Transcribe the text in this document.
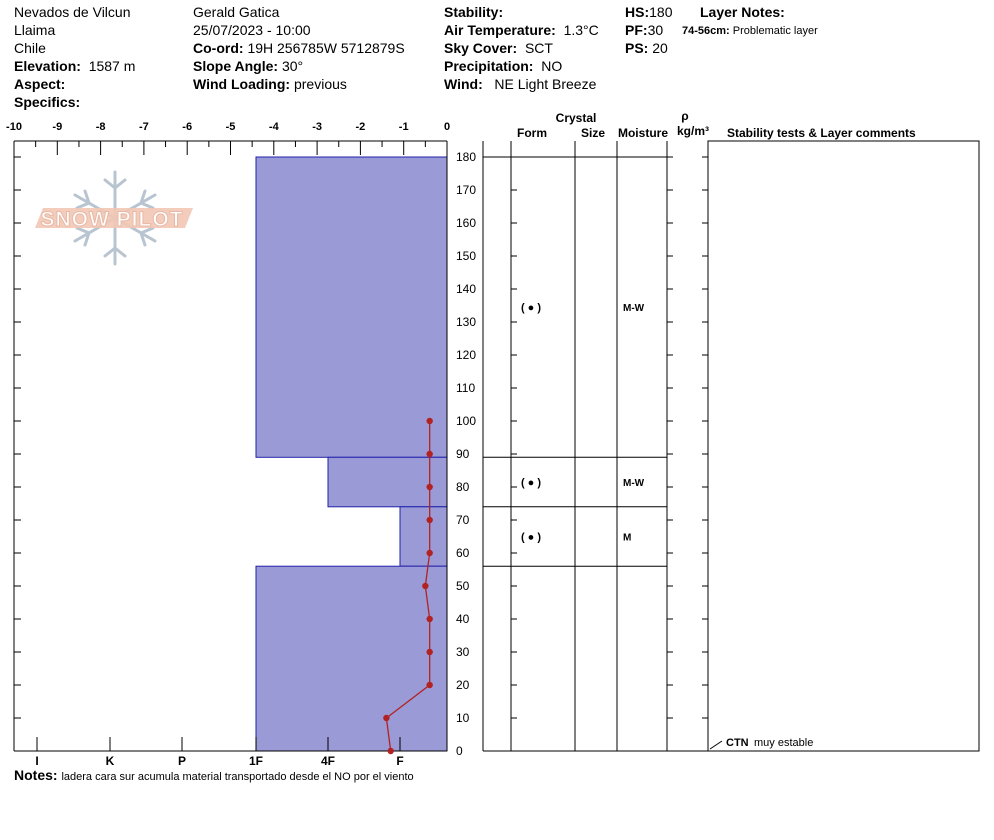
Nevados de Vilcun
Llaima
Chile
Elevation: 1587 m
Aspect:
Specifics:
Gerald Gatica
25/07/2023 - 10:00
Co-ord: 19H 256785W 5712879S
Slope Angle: 30°
Wind Loading: previous
Stability:
Air Temperature: 1.3°C
Sky Cover: SCT
Precipitation: NO
Wind: NE Light Breeze
HS:180
PF:30
PS: 20
Layer Notes:
74-56cm: Problematic layer
Notes: ladera cara sur acumula material transportado desde el NO por el viento
SNOW PILOT
-10	-9	-8	-7	-6	-5	-4	-3	-2	-1	0
I	K	P	1F	4F	F
Crystal
Form	Size Moisture
ρ
kg/m³ Stability tests & Layer comments
0
10
20
30
40
50
60
70
80
90
100
110
120
130
140
150
160
170
180
( ● )	M-W
( ● )	M-W
( ● )	M
CTN muy estable
